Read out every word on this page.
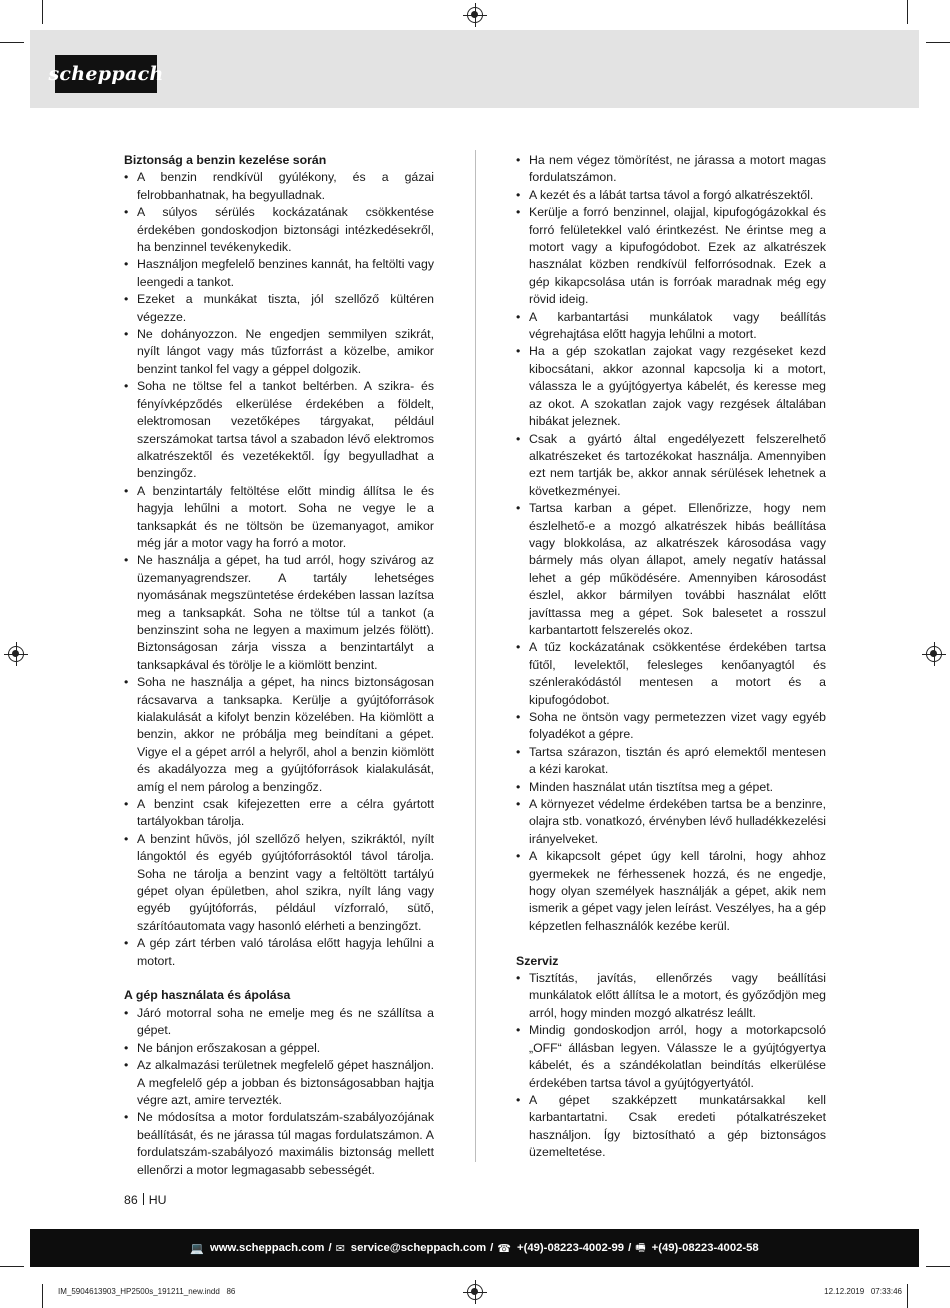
scheppach
Biztonság a benzin kezelése során
• A benzin rendkívül gyúlékony, és a gázai felrobbanhatnak, ha begyulladnak.
• A súlyos sérülés kockázatának csökkentése érdekében gondoskodjon biztonsági intézkedésekről, ha benzinnel tevékenykedik.
• Használjon megfelelő benzines kannát, ha feltölti vagy leengedi a tankot.
• Ezeket a munkákat tiszta, jól szellőző kültéren végezze.
• Ne dohányozzon. Ne engedjen semmilyen szikrát, nyílt lángot vagy más tűzforrást a közelbe, amikor benzint tankol fel vagy a géppel dolgozik.
• Soha ne töltse fel a tankot beltérben. A szikra- és fényívképződés elkerülése érdekében a földelt, elektromosan vezetőképes tárgyakat, például szerszámokat tartsa távol a szabadon lévő elektromos alkatrészektől és vezetékektől. Így begyulladhat a benzingőz.
• A benzintartály feltöltése előtt mindig állítsa le és hagyja lehűlni a motort. Soha ne vegye le a tanksapkát és ne töltsön be üzemanyagot, amikor még jár a motor vagy ha forró a motor.
• Ne használja a gépet, ha tud arról, hogy szivárog az üzemanyagrendszer. A tartály lehetséges nyomásának megszüntetése érdekében lassan lazítsa meg a tanksapkát. Soha ne töltse túl a tankot (a benzinszint soha ne legyen a maximum jelzés fölött). Biztonságosan zárja vissza a benzintartályt a tanksapkával és törölje le a kiömlött benzint.
• Soha ne használja a gépet, ha nincs biztonságosan rácsavarva a tanksapka. Kerülje a gyújtóforrások kialakulását a kifolyt benzin közelében. Ha kiömlött a benzin, akkor ne próbálja meg beindítani a gépet. Vigye el a gépet arról a helyről, ahol a benzin kiömlött és akadályozza meg a gyújtóforrások kialakulását, amíg el nem párolog a benzingőz.
• A benzint csak kifejezetten erre a célra gyártott tartályokban tárolja.
• A benzint hűvös, jól szellőző helyen, szikráktól, nyílt lángoktól és egyéb gyújtóforrásoktól távol tárolja. Soha ne tárolja a benzint vagy a feltöltött tartályú gépet olyan épületben, ahol szikra, nyílt láng vagy egyéb gyújtóforrás, például vízforraló, sütő, szárítóautomata vagy hasonló elérheti a benzingőzt.
• A gép zárt térben való tárolása előtt hagyja lehűlni a motort.
A gép használata és ápolása
• Járó motorral soha ne emelje meg és ne szállítsa a gépet.
• Ne bánjon erőszakosan a géppel.
• Az alkalmazási területnek megfelelő gépet használjon. A megfelelő gép a jobban és biztonságosabban hajtja végre azt, amire tervezték.
• Ne módosítsa a motor fordulatszám-szabályozójának beállítását, és ne járassa túl magas fordulatszámon. A fordulatszám-szabályozó maximális biztonság mellett ellenőrzi a motor legmagasabb sebességét.
• Ha nem végez tömörítést, ne járassa a motort magas fordulatszámon.
• A kezét és a lábát tartsa távol a forgó alkatrészektől.
• Kerülje a forró benzinnel, olajjal, kipufogógázokkal és forró felületekkel való érintkezést. Ne érintse meg a motort vagy a kipufogódobot. Ezek az alkatrészek használat közben rendkívül felforrósodnak. Ezek a gép kikapcsolása után is forróak maradnak még egy rövid ideig.
• A karbantartási munkálatok vagy beállítás végrehajtása előtt hagyja lehűlni a motort.
• Ha a gép szokatlan zajokat vagy rezgéseket kezd kibocsátani, akkor azonnal kapcsolja ki a motort, válassza le a gyújtógyertya kábelét, és keresse meg az okot. A szokatlan zajok vagy rezgések általában hibákat jeleznek.
• Csak a gyártó által engedélyezett felszerelhető alkatrészeket és tartozékokat használja. Amennyiben ezt nem tartják be, akkor annak sérülések lehetnek a következményei.
• Tartsa karban a gépet. Ellenőrizze, hogy nem észlelhető-e a mozgó alkatrészek hibás beállítása vagy blokkolása, az alkatrészek károsodása vagy bármely más olyan állapot, amely negatív hatással lehet a gép működésére. Amennyiben károsodást észlel, akkor bármilyen további használat előtt javíttassa meg a gépet. Sok balesetet a rosszul karbantartott felszerelés okoz.
• A tűz kockázatának csökkentése érdekében tartsa fűtől, levelektől, felesleges kenőanyagtól és szénlerakódástól mentesen a motort és a kipufogódobot.
• Soha ne öntsön vagy permetezzen vizet vagy egyéb folyadékot a gépre.
• Tartsa szárazon, tisztán és apró elemektől mentesen a kézi karokat.
• Minden használat után tisztítsa meg a gépet.
• A környezet védelme érdekében tartsa be a benzinre, olajra stb. vonatkozó, érvényben lévő hulladékkezelési irányelveket.
• A kikapcsolt gépet úgy kell tárolni, hogy ahhoz gyermekek ne férhessenek hozzá, és ne engedje, hogy olyan személyek használják a gépet, akik nem ismerik a gépet vagy jelen leírást. Veszélyes, ha a gép képzetlen felhasználók kezébe kerül.
Szerviz
• Tisztítás, javítás, ellenőrzés vagy beállítási munkálatok előtt állítsa le a motort, és győződjön meg arról, hogy minden mozgó alkatrész leállt.
• Mindig gondoskodjon arról, hogy a motorkapcsoló „OFF“ állásban legyen. Válassze le a gyújtógyertya kábelét, és a szándékolatlan beindítás elkerülése érdekében tartsa távol a gyújtógyertyától.
• A gépet szakképzett munkatársakkal kell karbantartatni. Csak eredeti pótalkatrészeket használjon. Így biztosítható a gép biztonságos üzemeltetése.
86 HU
💻 www.scheppach.com / ✉ service@scheppach.com / ☎ +(49)-08223-4002-99 / 🖷 +(49)-08223-4002-58
IM_5904613903_HP2500s_191211_new.indd   86	12.12.2019   07:33:46
